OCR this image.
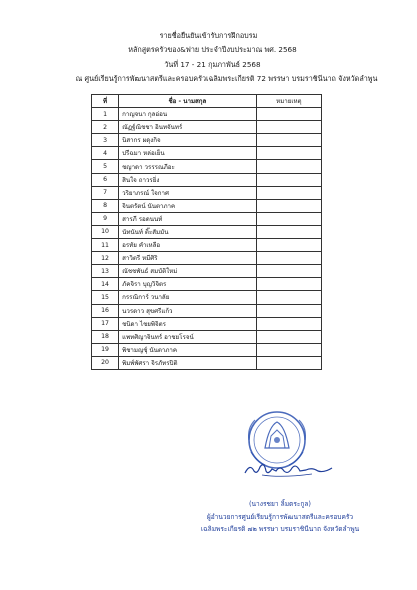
รายชื่อยืนยันเข้ารับการฝึกอบรม
หลักสูตรครัวของ&ฟาย ประจำปีงบประมาณ พศ. 2568
วันที่ 17 - 21 กุมภาพันธ์ 2568
ณ ศูนย์เรียนรู้การพัฒนาสตรีและครอบครัวเฉลิมพระเกียรติ 72 พรรษา บรมราชินีนาถ จังหวัดลำพูน
ที่	ชื่อ - นามสกุล	หมายเหตุ
1	กาญจนา กุลอ่อน	
2	ณัฏฐ์ณิชชา อินทจันทร์	
3	นิสากร ผดุงกิจ	
4	ปรีฉมา หล่อเย็น	
5	ชญาดา วรรรณภีอะ	
6	สินใจ ถาวรยิ่ง	
7	วริยาภรณ์ ใจกาศ	
8	จินตรัตน์ นันตาภาค	
9	สารภี รอดนนท์	
10	นัทนันท์ ติ๊ะสัมมัน	
11	อรทัย คำเหลือ	
12	สาวิตรี หมีศิริ	
13	ณัชชพันธ์ สมบัติใหม่	
14	ภัคจิรา บุญวิจิตร	
15	กรรณิการ์ วนาลัย	
16	นวรดาว สุขศรีแก้ว	
17	ชนิดา ไชยพิจิตร	
18	แพทศิญาจินทร์ อาชยโรจน์	
19	พิชามญชุ์ นันตาภาค	
20	พิมพ์พัศรา จิรภัทรปิติ	
(นางรชยา ลิ้มตระกูล)
ผู้อำนวยการศูนย์เรียนรู้การพัฒนาสตรีและครอบครัว
เฉลิมพระเกียรติ ๗๒ พรรษา บรมราชินีนาถ จังหวัดลำพูน
